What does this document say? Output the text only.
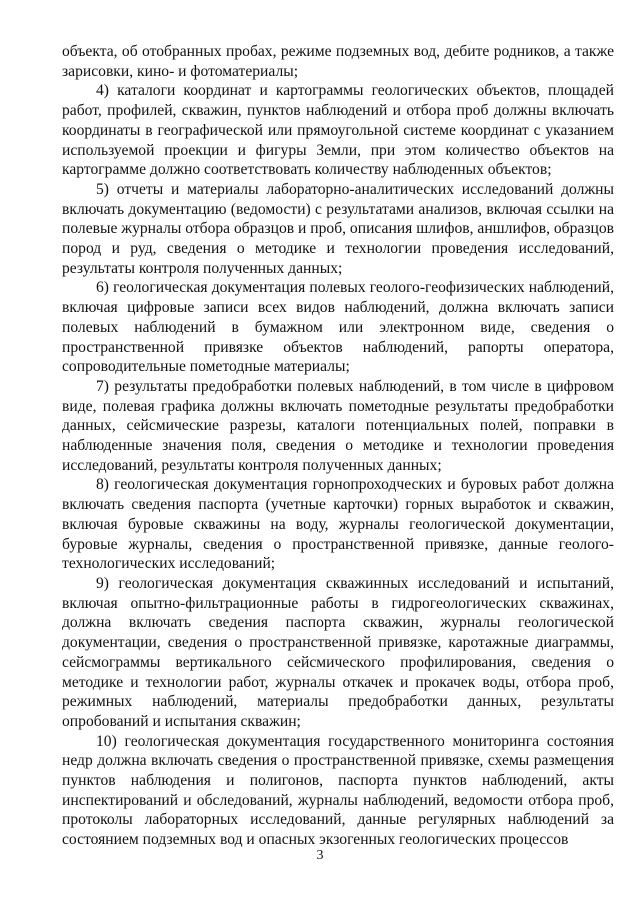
объекта, об отобранных пробах, режиме подземных вод, дебите родников, а также зарисовки, кино- и фотоматериалы;

4) каталоги координат и картограммы геологических объектов, площадей работ, профилей, скважин, пунктов наблюдений и отбора проб должны включать координаты в географической или прямоугольной системе координат с указанием используемой проекции и фигуры Земли, при этом количество объектов на картограмме должно соответствовать количеству наблюденных объектов;

5) отчеты и материалы лабораторно-аналитических исследований должны включать документацию (ведомости) с результатами анализов, включая ссылки на полевые журналы отбора образцов и проб, описания шлифов, аншлифов, образцов пород и руд, сведения о методике и технологии проведения исследований, результаты контроля полученных данных;

6) геологическая документация полевых геолого-геофизических наблюдений, включая цифровые записи всех видов наблюдений, должна включать записи полевых наблюдений в бумажном или электронном виде, сведения о пространственной привязке объектов наблюдений, рапорты оператора, сопроводительные пометодные материалы;

7) результаты предобработки полевых наблюдений, в том числе в цифровом виде, полевая графика должны включать пометодные результаты предобработки данных, сейсмические разрезы, каталоги потенциальных полей, поправки в наблюденные значения поля, сведения о методике и технологии проведения исследований, результаты контроля полученных данных;

8) геологическая документация горнопроходческих и буровых работ должна включать сведения паспорта (учетные карточки) горных выработок и скважин, включая буровые скважины на воду, журналы геологической документации, буровые журналы, сведения о пространственной привязке, данные геолого-технологических исследований;

9) геологическая документация скважинных исследований и испытаний, включая опытно-фильтрационные работы в гидрогеологических скважинах, должна включать сведения паспорта скважин, журналы геологической документации, сведения о пространственной привязке, каротажные диаграммы, сейсмограммы вертикального сейсмического профилирования, сведения о методике и технологии работ, журналы откачек и прокачек воды, отбора проб, режимных наблюдений, материалы предобработки данных, результаты опробований и испытания скважин;

10) геологическая документация государственного мониторинга состояния недр должна включать сведения о пространственной привязке, схемы размещения пунктов наблюдения и полигонов, паспорта пунктов наблюдений, акты инспектирований и обследований, журналы наблюдений, ведомости отбора проб, протоколы лабораторных исследований, данные регулярных наблюдений за состоянием подземных вод и опасных экзогенных геологических процессов

3
